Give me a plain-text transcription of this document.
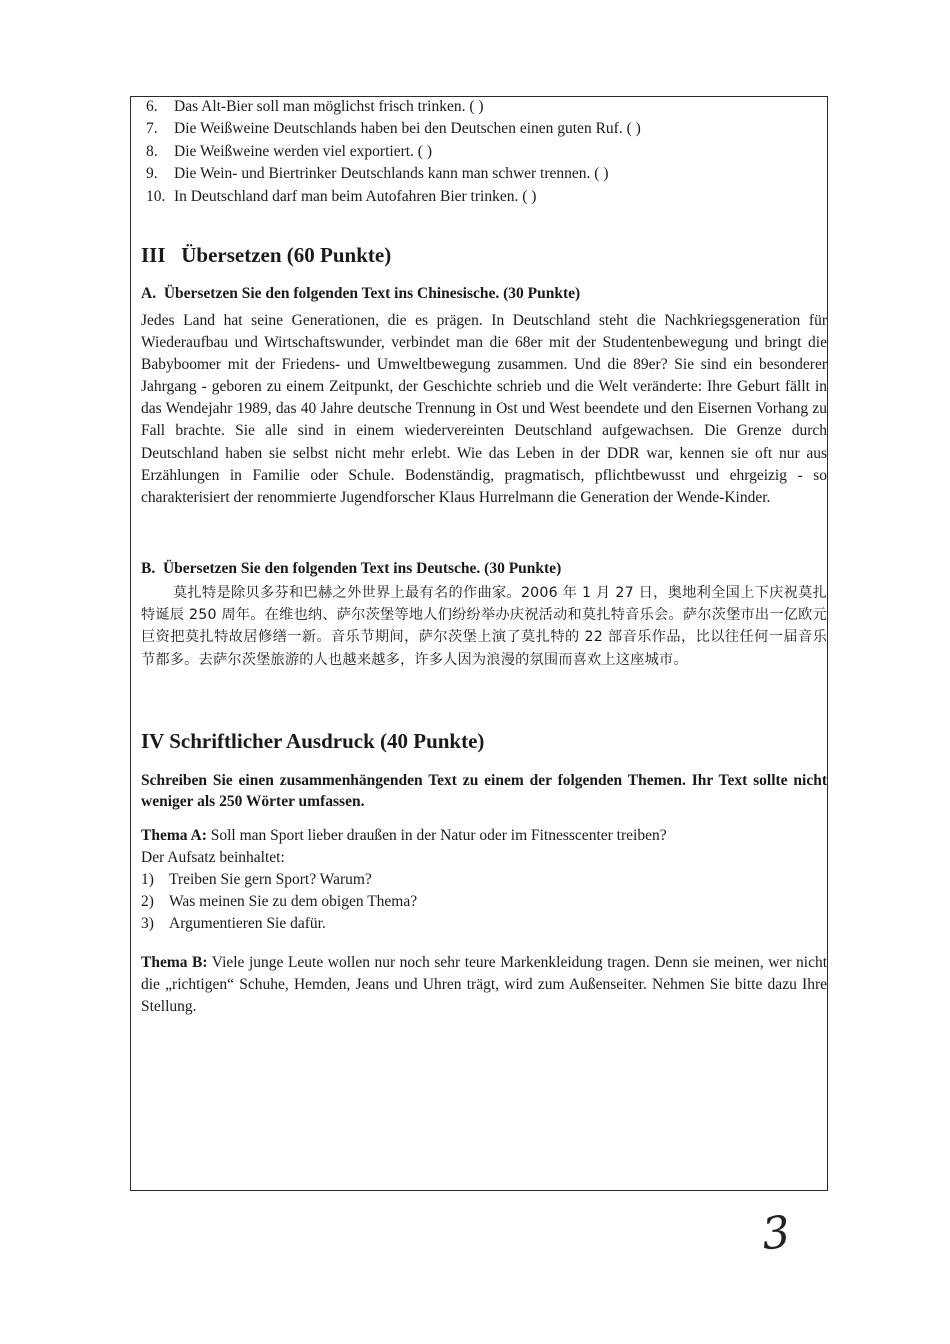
6. Das Alt-Bier soll man möglichst frisch trinken. ( )
7. Die Weißweine Deutschlands haben bei den Deutschen einen guten Ruf. ( )
8. Die Weißweine werden viel exportiert. ( )
9. Die Wein- und Biertrinker Deutschlands kann man schwer trennen. ( )
10. In Deutschland darf man beim Autofahren Bier trinken. ( )
III   Übersetzen (60 Punkte)
A.  Übersetzen Sie den folgenden Text ins Chinesische. (30 Punkte)
Jedes Land hat seine Generationen, die es prägen. In Deutschland steht die Nachkriegsgeneration für Wiederaufbau und Wirtschaftswunder, verbindet man die 68er mit der Studentenbewegung und bringt die Babyboomer mit der Friedens- und Umweltbewegung zusammen. Und die 89er? Sie sind ein besonderer Jahrgang - geboren zu einem Zeitpunkt, der Geschichte schrieb und die Welt veränderte: Ihre Geburt fällt in das Wendejahr 1989, das 40 Jahre deutsche Trennung in Ost und West beendete und den Eisernen Vorhang zu Fall brachte. Sie alle sind in einem wiedervereinten Deutschland aufgewachsen. Die Grenze durch Deutschland haben sie selbst nicht mehr erlebt. Wie das Leben in der DDR war, kennen sie oft nur aus Erzählungen in Familie oder Schule. Bodenständig, pragmatisch, pflichtbewusst und ehrgeizig - so charakterisiert der renommierte Jugendforscher Klaus Hurrelmann die Generation der Wende-Kinder.
B.  Übersetzen Sie den folgenden Text ins Deutsche. (30 Punkte)
莫扎特是除贝多芬和巴赫之外世界上最有名的作曲家。2006 年 1 月 27 日，奥地利全国上下庆祝莫扎特诞辰 250 周年。在维也纳、萨尔茨堡等地人们纷纷举办庆祝活动和莫扎特音乐会。萨尔茨堡市出一亿欧元巨资把莫扎特故居修缮一新。音乐节期间，萨尔茨堡上演了莫扎特的 22 部音乐作品，比以往任何一届音乐节都多。去萨尔茨堡旅游的人也越来越多，许多人因为浪漫的氛围而喜欢上这座城市。
IV Schriftlicher Ausdruck (40 Punkte)
Schreiben Sie einen zusammenhängenden Text zu einem der folgenden Themen. Ihr Text sollte nicht weniger als 250 Wörter umfassen.
Thema A: Soll man Sport lieber draußen in der Natur oder im Fitnesscenter treiben?
Der Aufsatz beinhaltet:
1) Treiben Sie gern Sport? Warum?
2) Was meinen Sie zu dem obigen Thema?
3) Argumentieren Sie dafür.
Thema B: Viele junge Leute wollen nur noch sehr teure Markenkleidung tragen. Denn sie meinen, wer nicht die „richtigen“ Schuhe, Hemden, Jeans und Uhren trägt, wird zum Außenseiter. Nehmen Sie bitte dazu Ihre Stellung.
3
